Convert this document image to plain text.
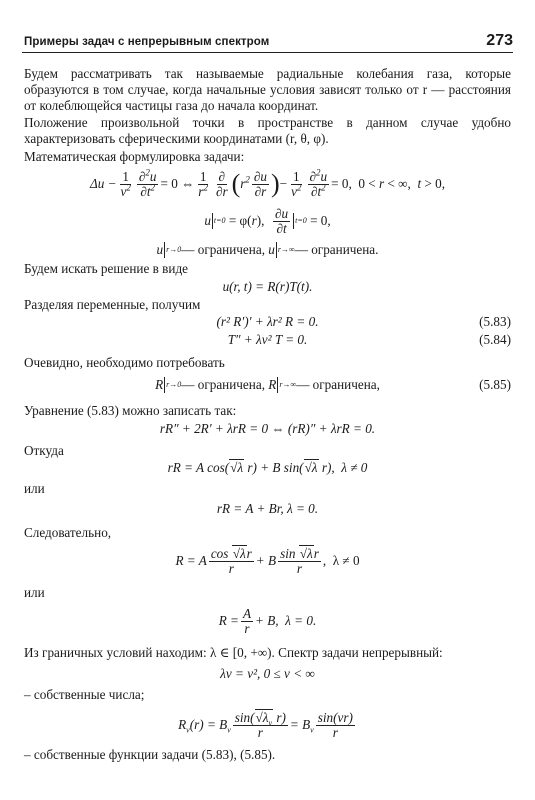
Примеры задач с непрерывным спектром	273

Будем рассматривать так называемые радиальные колебания газа, которые образуются в том случае, когда начальные условия зависят только от r — расстояния от колеблющейся частицы газа до начала координат.

Положение произвольной точки в пространстве в данном случае удобно характеризовать сферическими координатами (r, θ, φ).

Математическая формулировка задачи:

$\Delta u - \frac{1}{v^2} \frac{\partial^2u}{\partial t^2} = 0$ ⇔ $\frac{1}{r^2} \frac{\partial}{\partial r}$ ( $r^2 \frac{\partial u}{\partial r}$ ) − $\frac{1}{v^2} \frac{\partial^2u}{\partial t^2} = 0$,  0 < r < ∞,  t > 0,
u t=0 = φ(r), $\frac{\partial u}{\partial t} t=0 = 0$,
u r→0 — ограничена, u r→∞ — ограничена.

Будем искать решение в виде

u(r, t) = R(r)T(t).

Разделяя переменные, получим

(r² R′)′ + λr² R = 0.	(5.83)
T″ + λv² T = 0.	(5.84)

Очевидно, необходимо потребовать

R r→0 — ограничена, R r→∞ — ограничена,	(5.85)

Уравнение (5.83) можно записать так:

rR″ + 2R′ + λrR = 0 ⇔ (rR)″ + λrR = 0.

Откуда

rR = A cos(√λ r) + B sin(√λ r),  λ ≠ 0

или

rR = A + Br, λ = 0.

Следовательно,

R = A $\frac{\cos √\lambda r}{r} + B \frac{\sin √\lambda r}{r}$ ,  λ ≠ 0

или

$R = \frac{A}{r} + B$,  λ = 0.

Из граничных условий находим: λ ∈ [0, +∞). Спектр задачи непрерывный:

λν = ν², 0 ≤ ν < ∞

– собственные числа;

$R_\nu(r) = B_\nu \frac{\sin(√\lambda_\nu r)}{r} = B_\nu \frac{\sin(\nu r)}{r}$

– собственные функции задачи (5.83), (5.85).
